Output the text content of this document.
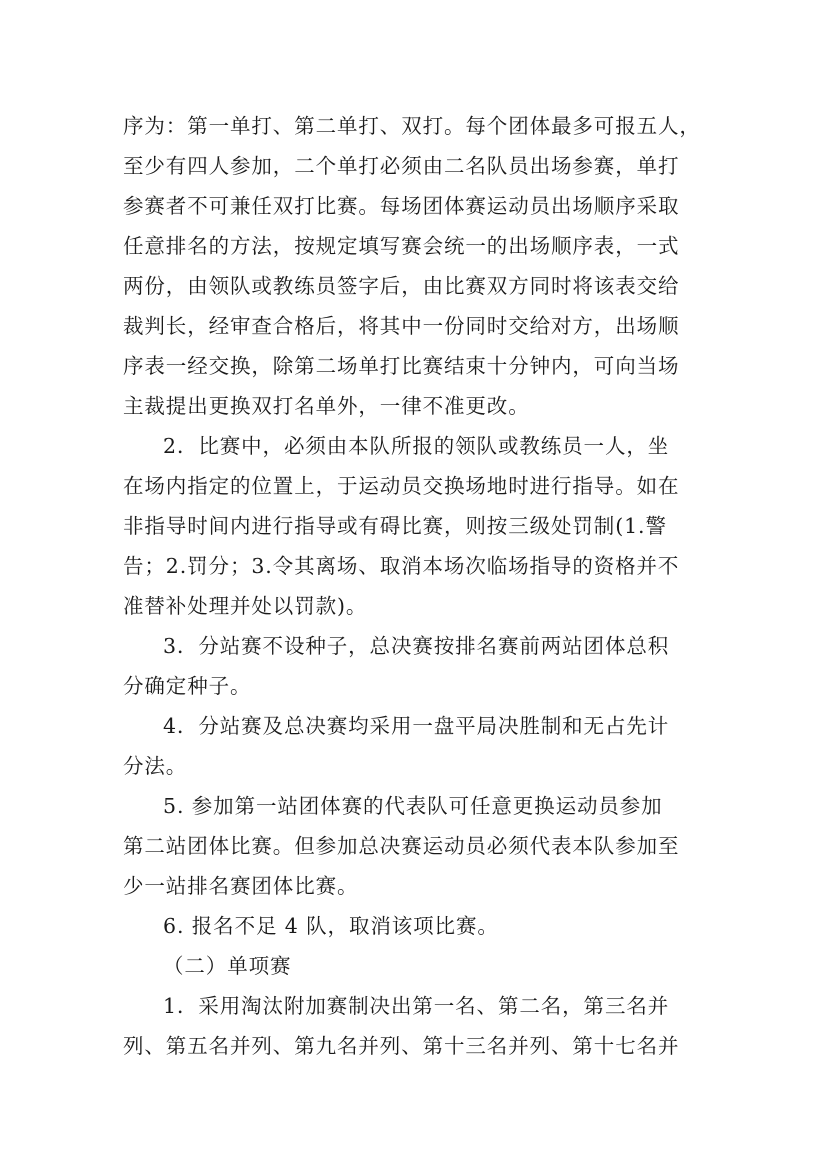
序为：第一单打、第二单打、双打。每个团体最多可报五人，
至少有四人参加，二个单打必须由二名队员出场参赛，单打
参赛者不可兼任双打比赛。每场团体赛运动员出场顺序采取
任意排名的方法，按规定填写赛会统一的出场顺序表，一式
两份，由领队或教练员签字后，由比赛双方同时将该表交给
裁判长，经审查合格后，将其中一份同时交给对方，出场顺
序表一经交换，除第二场单打比赛结束十分钟内，可向当场
主裁提出更换双打名单外，一律不准更改。
2．比赛中，必须由本队所报的领队或教练员一人，坐
在场内指定的位置上，于运动员交换场地时进行指导。如在
非指导时间内进行指导或有碍比赛，则按三级处罚制(1.警
告；2.罚分；3.令其离场、取消本场次临场指导的资格并不
准替补处理并处以罚款)。
3．分站赛不设种子，总决赛按排名赛前两站团体总积
分确定种子。
4．分站赛及总决赛均采用一盘平局决胜制和无占先计
分法。
5. 参加第一站团体赛的代表队可任意更换运动员参加
第二站团体比赛。但参加总决赛运动员必须代表本队参加至
少一站排名赛团体比赛。
6. 报名不足 4 队，取消该项比赛。
（二）单项赛
1．采用淘汰附加赛制决出第一名、第二名，第三名并
列、第五名并列、第九名并列、第十三名并列、第十七名并
